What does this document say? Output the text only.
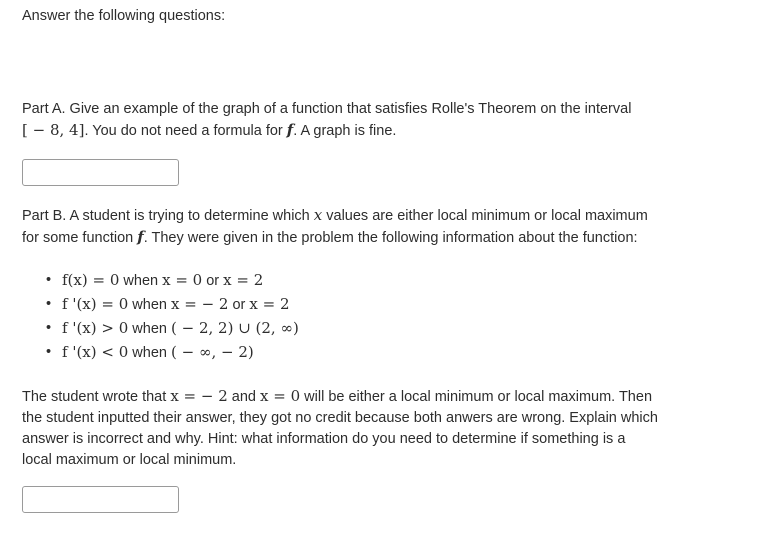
Answer the following questions:
Part A. Give an example of the graph of a function that satisfies Rolle's Theorem on the interval
[ − 8, 4]. You do not need a formula for f. A graph is fine.
Part B. A student is trying to determine which x values are either local minimum or local maximum
for some function f. They were given in the problem the following information about the function:
• f(x) = 0 when x = 0 or x = 2
• f '(x) = 0 when x = − 2 or x = 2
• f '(x) > 0 when ( − 2, 2) ∪ (2, ∞)
• f '(x) < 0 when ( − ∞, − 2)
The student wrote that x = − 2 and x = 0 will be either a local minimum or local maximum. Then
the student inputted their answer, they got no credit because both anwers are wrong. Explain which
answer is incorrect and why. Hint: what information do you need to determine if something is a
local maximum or local minimum.
